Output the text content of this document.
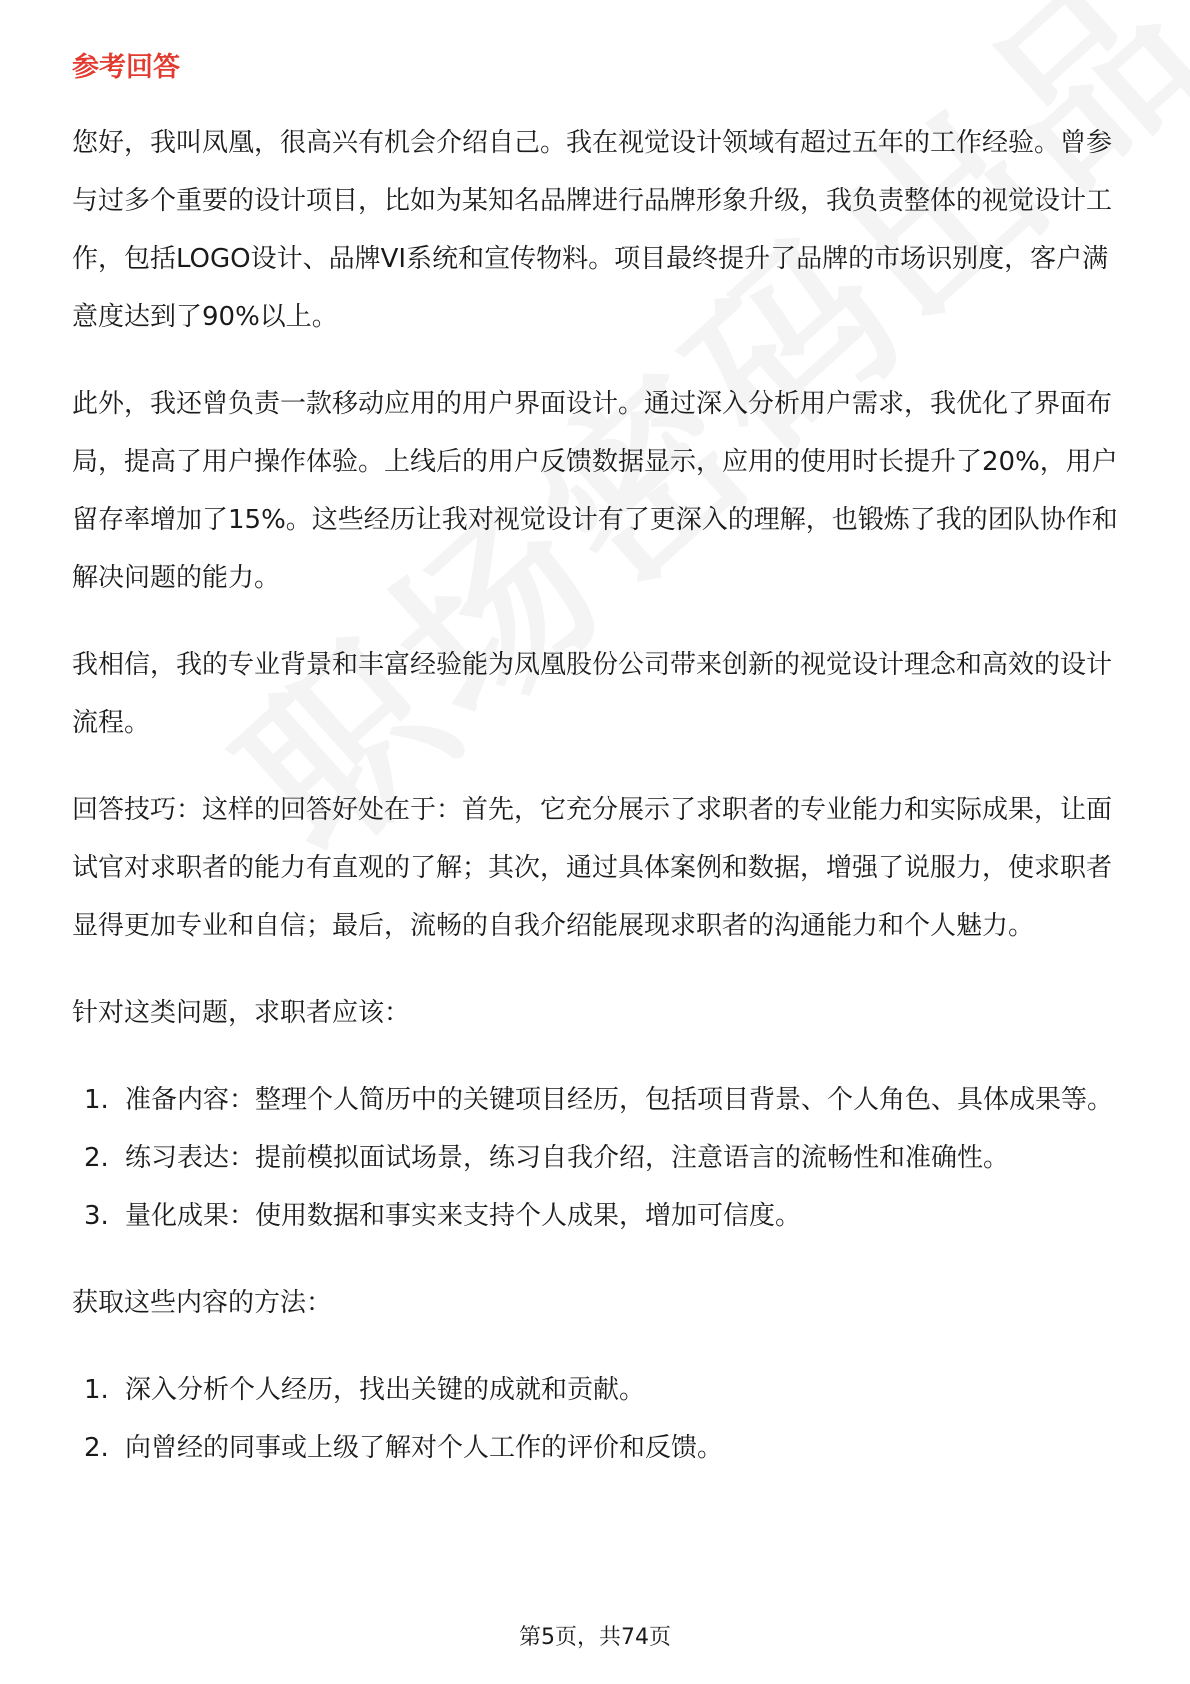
参考回答

您好，我叫凤凰，很高兴有机会介绍自己。我在视觉设计领域有超过五年的工作经验。曾参与过多个重要的设计项目，比如为某知名品牌进行品牌形象升级，我负责整体的视觉设计工作，包括LOGO设计、品牌VI系统和宣传物料。项目最终提升了品牌的市场识别度，客户满意度达到了90%以上。

此外，我还曾负责一款移动应用的用户界面设计。通过深入分析用户需求，我优化了界面布局，提高了用户操作体验。上线后的用户反馈数据显示，应用的使用时长提升了20%，用户留存率增加了15%。这些经历让我对视觉设计有了更深入的理解，也锻炼了我的团队协作和解决问题的能力。

我相信，我的专业背景和丰富经验能为凤凰股份公司带来创新的视觉设计理念和高效的设计流程。

回答技巧：这样的回答好处在于：首先，它充分展示了求职者的专业能力和实际成果，让面试官对求职者的能力有直观的了解；其次，通过具体案例和数据，增强了说服力，使求职者显得更加专业和自信；最后，流畅的自我介绍能展现求职者的沟通能力和个人魅力。

针对这类问题，求职者应该：

1. 准备内容：整理个人简历中的关键项目经历，包括项目背景、个人角色、具体成果等。
2. 练习表达：提前模拟面试场景，练习自我介绍，注意语言的流畅性和准确性。
3. 量化成果：使用数据和事实来支持个人成果，增加可信度。

获取这些内容的方法：

1. 深入分析个人经历，找出关键的成就和贡献。
2. 向曾经的同事或上级了解对个人工作的评价和反馈。
第5页，共74页
